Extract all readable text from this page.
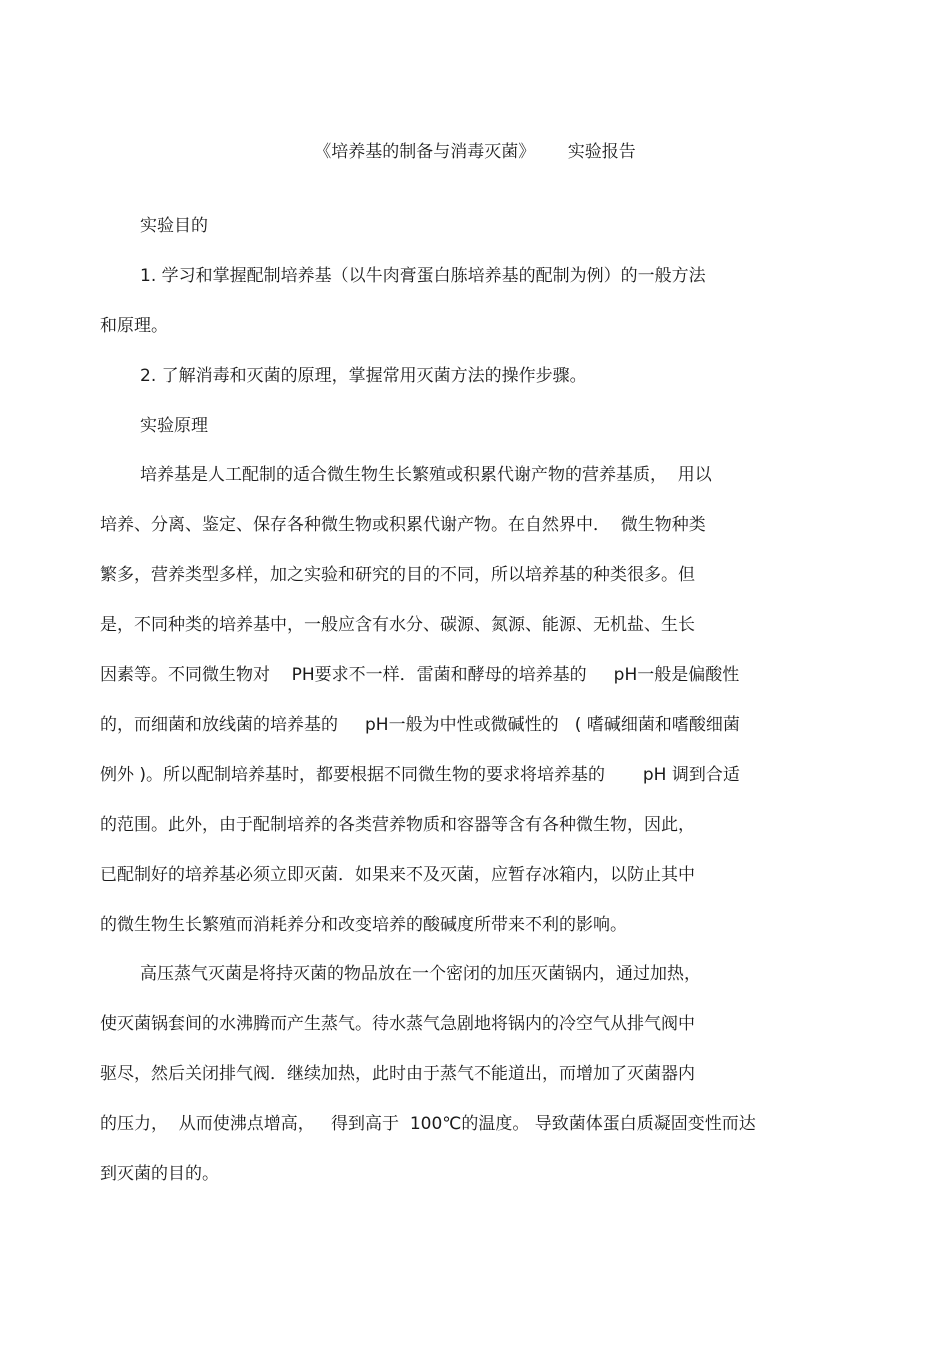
《培养基的制备与消毒灭菌》      实验报告
实验目的
1. 学习和掌握配制培养基（以牛肉膏蛋白胨培养基的配制为例）的一般方法
和原理。
2. 了解消毒和灭菌的原理，掌握常用灭菌方法的操作步骤。
实验原理
培养基是人工配制的适合微生物生长繁殖或积累代谢产物的营养基质，  用以
培养、分离、鉴定、保存各种微生物或积累代谢产物。在自然界中．  微生物种类
繁多，营养类型多样，加之实验和研究的目的不同，所以培养基的种类很多。但
是，不同种类的培养基中，一般应含有水分、碳源、氮源、能源、无机盐、生长
因素等。不同微生物对    PH要求不一样．雷菌和酵母的培养基的     pH一般是偏酸性
的，而细菌和放线菌的培养基的     pH一般为中性或微碱性的   ( 嗜碱细菌和嗜酸细菌
例外 )。所以配制培养基时，都要根据不同微生物的要求将培养基的       pH 调到合适
的范围。此外，由于配制培养的各类营养物质和容器等含有各种微生物，因此，
已配制好的培养基必须立即灭菌．如果来不及灭菌，应暂存冰箱内，以防止其中
的微生物生长繁殖而消耗养分和改变培养的酸碱度所带来不利的影响。
高压蒸气灭菌是将持灭菌的物品放在一个密闭的加压灭菌锅内，通过加热，
使灭菌锅套间的水沸腾而产生蒸气。待水蒸气急剧地将锅内的冷空气从排气阀中
驱尽，然后关闭排气阀．继续加热，此时由于蒸气不能道出，而增加了灭菌器内
的压力，  从而使沸点增高，   得到高于  100℃的温度。 导致菌体蛋白质凝固变性而达
到灭菌的目的。
